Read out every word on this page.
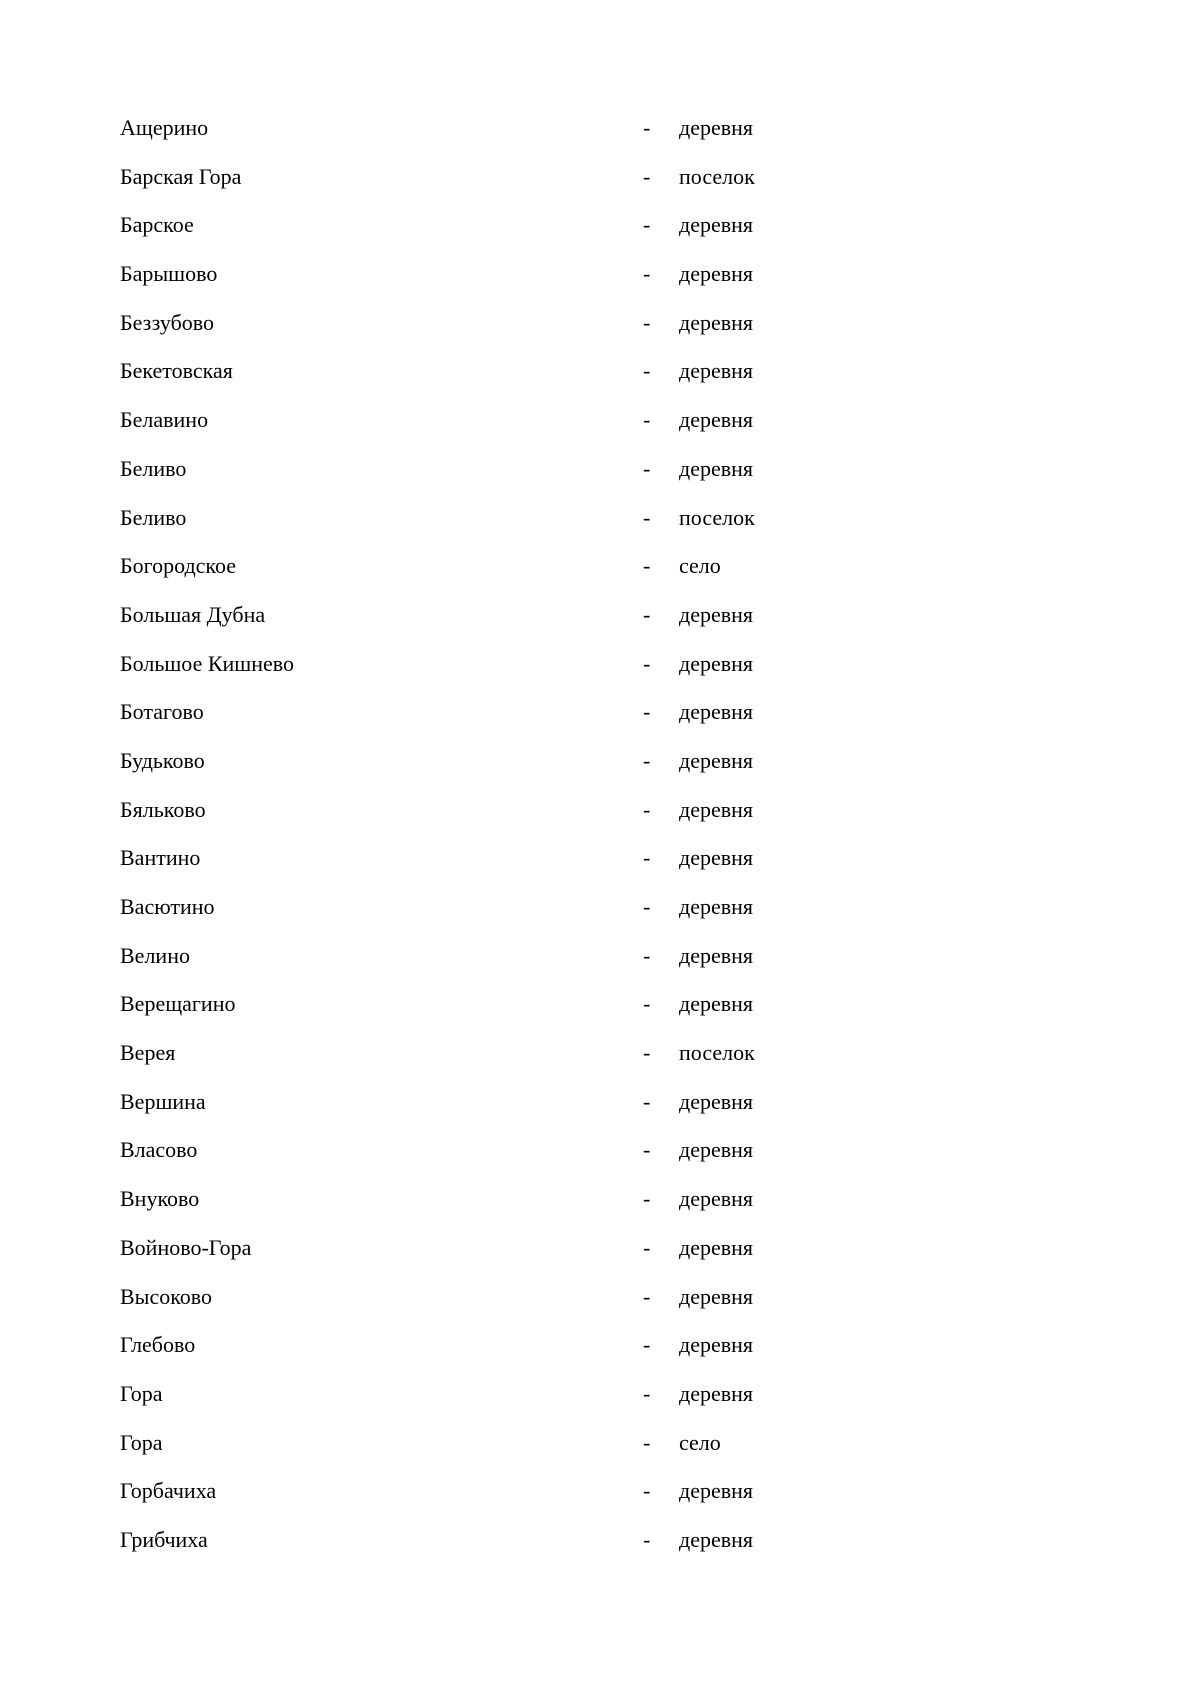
Ащерино	- деревня
Барская Гора	- поселок
Барское	- деревня
Барышово	- деревня
Беззубово	- деревня
Бекетовская	- деревня
Белавино	- деревня
Беливо	- деревня
Беливо	- поселок
Богородское	- село
Большая Дубна	- деревня
Большое Кишнево	- деревня
Ботагово	- деревня
Будьково	- деревня
Бяльково	- деревня
Вантино	- деревня
Васютино	- деревня
Велино	- деревня
Верещагино	- деревня
Верея	- поселок
Вершина	- деревня
Власово	- деревня
Внуково	- деревня
Войново-Гора	- деревня
Высоково	- деревня
Глебово	- деревня
Гора	- деревня
Гора	- село
Горбачиха	- деревня
Грибчиха	- деревня
